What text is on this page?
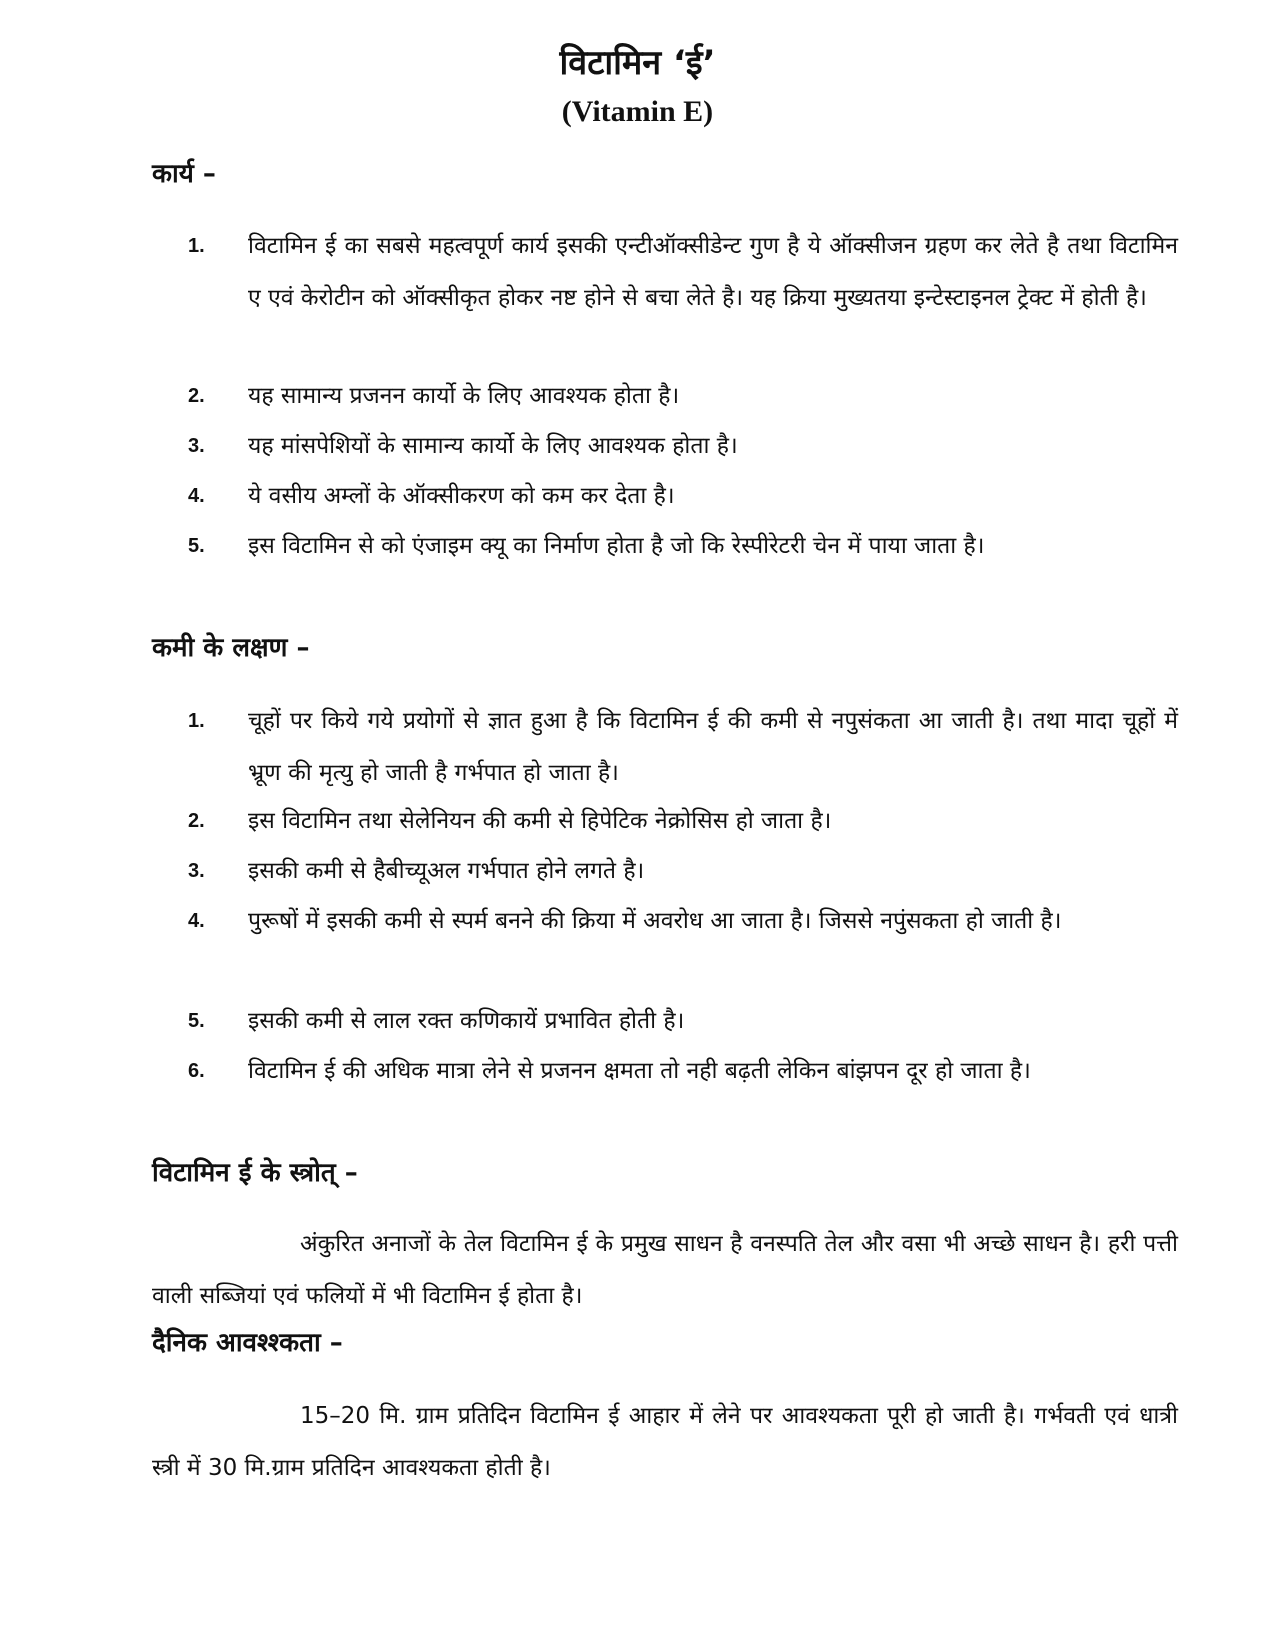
विटामिन ‘ई’
(Vitamin E)
कार्य –
1. विटामिन ई का सबसे महत्वपूर्ण कार्य इसकी एन्टीऑक्सीडेन्ट गुण है ये ऑक्सीजन ग्रहण कर लेते है तथा विटामिन ए एवं केरोटीन को ऑक्सीकृत होकर नष्ट होने से बचा लेते है। यह क्रिया मुख्यतया इन्टेस्टाइनल ट्रेक्ट में होती है।
2. यह सामान्य प्रजनन कार्यो के लिए आवश्यक होता है।
3. यह मांसपेशियों के सामान्य कार्यो के लिए आवश्यक होता है।
4. ये वसीय अम्लों के ऑक्सीकरण को कम कर देता है।
5. इस विटामिन से को एंजाइम क्यू का निर्माण होता है जो कि रेस्पीरेटरी चेन में पाया जाता है।
कमी के लक्षण –
1. चूहों पर किये गये प्रयोगों से ज्ञात हुआ है कि विटामिन ई की कमी से नपुसंकता आ जाती है। तथा मादा चूहों में भ्रूण की मृत्यु हो जाती है गर्भपात हो जाता है।
2. इस विटामिन तथा सेलेनियन की कमी से हिपेटिक नेक्रोसिस हो जाता है।
3. इसकी कमी से हैबीच्यूअल गर्भपात होने लगते है।
4. पुरूषों में इसकी कमी से स्पर्म बनने की क्रिया में अवरोध आ जाता है। जिससे नपुंसकता हो जाती है।
5. इसकी कमी से लाल रक्त कणिकायें प्रभावित होती है।
6. विटामिन ई की अधिक मात्रा लेने से प्रजनन क्षमता तो नही बढ़ती लेकिन बांझपन दूर हो जाता है।
विटामिन ई के स्त्रोत् –
अंकुरित अनाजों के तेल विटामिन ई के प्रमुख साधन है वनस्पति तेल और वसा भी अच्छे साधन है। हरी पत्ती वाली सब्जियां एवं फलियों में भी विटामिन ई होता है।
दैनिक आवश्श्कता –
15–20 मि. ग्राम प्रतिदिन विटामिन ई आहार में लेने पर आवश्यकता पूरी हो जाती है। गर्भवती एवं धात्री स्त्री में 30 मि.ग्राम प्रतिदिन आवश्यकता होती है।
